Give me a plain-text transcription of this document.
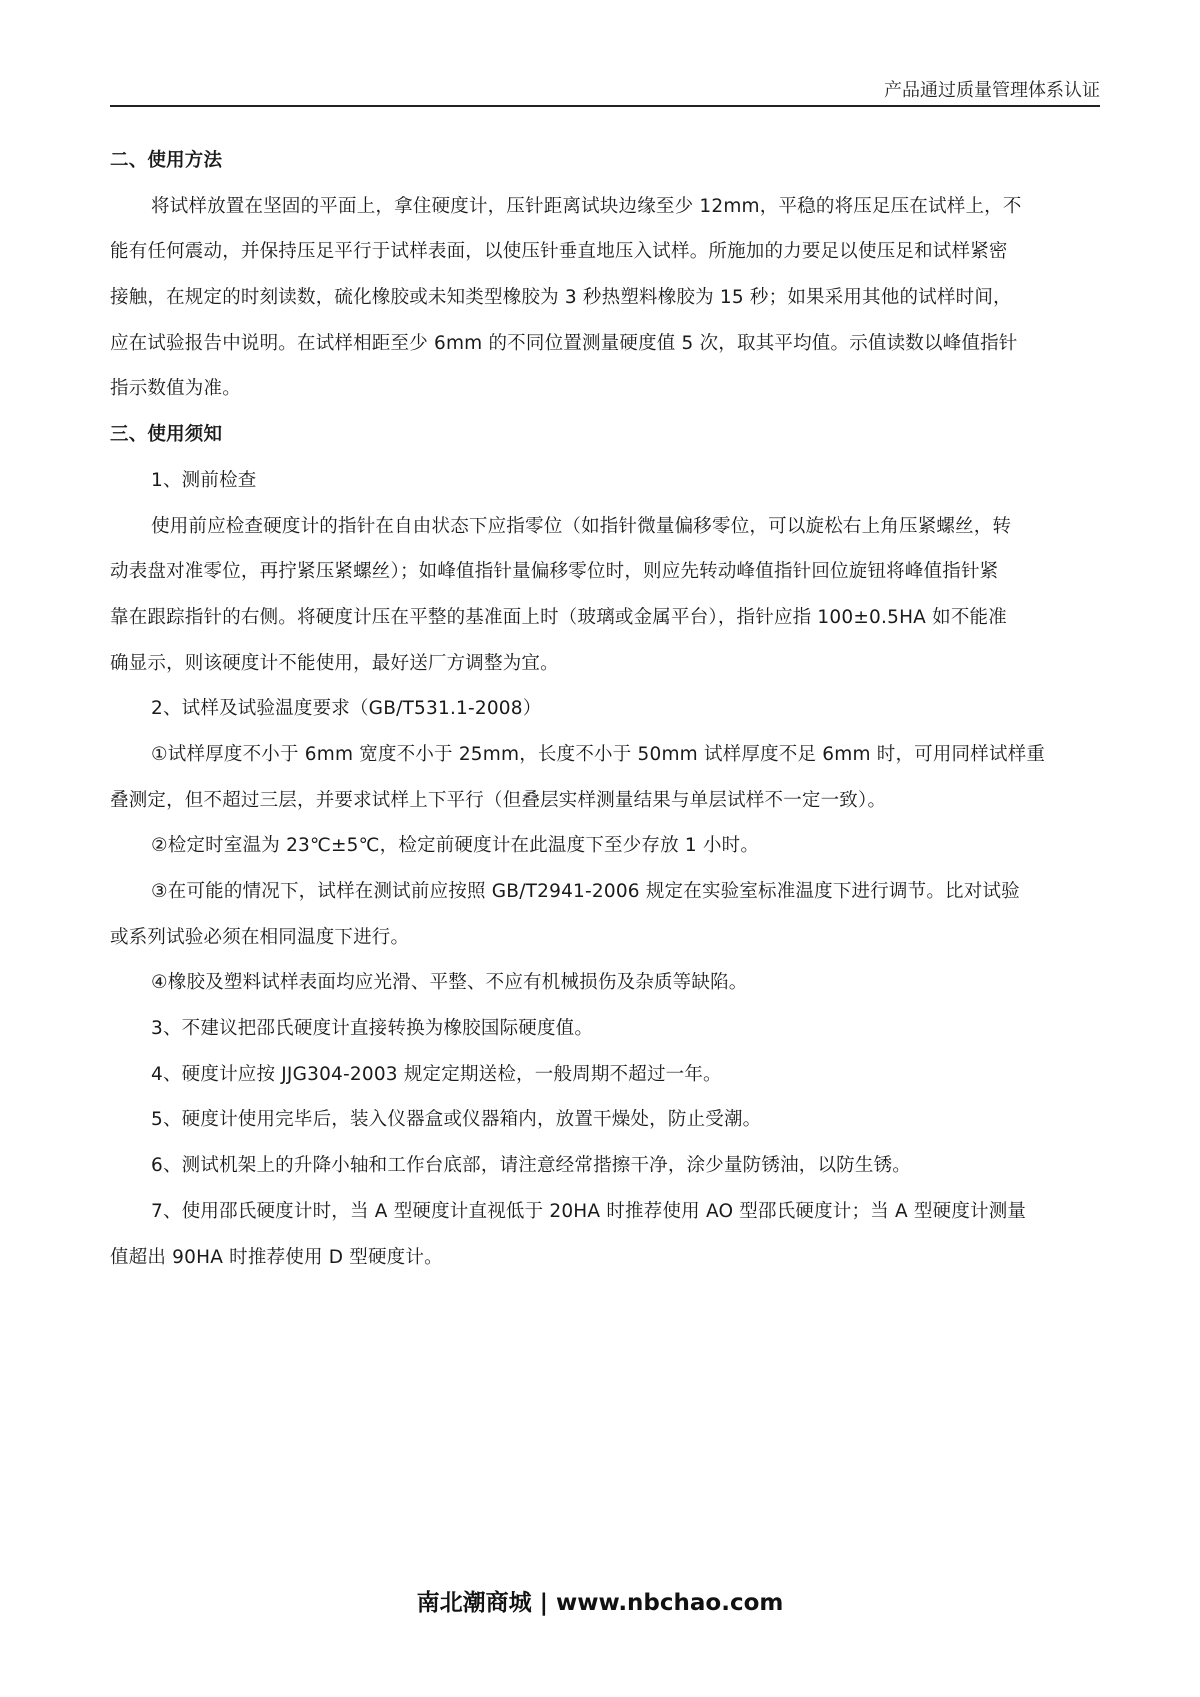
产品通过质量管理体系认证
二、使用方法
将试样放置在坚固的平面上，拿住硬度计，压针距离试块边缘至少 12mm，平稳的将压足压在试样上，不
能有任何震动，并保持压足平行于试样表面，以使压针垂直地压入试样。所施加的力要足以使压足和试样紧密
接触，在规定的时刻读数，硫化橡胶或未知类型橡胶为 3 秒热塑料橡胶为 15 秒；如果采用其他的试样时间，
应在试验报告中说明。在试样相距至少 6mm 的不同位置测量硬度值 5 次，取其平均值。示值读数以峰值指针
指示数值为准。
三、使用须知
1、测前检查
使用前应检查硬度计的指针在自由状态下应指零位（如指针微量偏移零位，可以旋松右上角压紧螺丝，转
动表盘对准零位，再拧紧压紧螺丝）；如峰值指针量偏移零位时，则应先转动峰值指针回位旋钮将峰值指针紧
靠在跟踪指针的右侧。将硬度计压在平整的基准面上时（玻璃或金属平台），指针应指 100±0.5HA 如不能准
确显示，则该硬度计不能使用，最好送厂方调整为宜。
2、试样及试验温度要求（GB/T531.1-2008）
①试样厚度不小于 6mm 宽度不小于 25mm，长度不小于 50mm 试样厚度不足 6mm 时，可用同样试样重
叠测定，但不超过三层，并要求试样上下平行（但叠层实样测量结果与单层试样不一定一致）。
②检定时室温为 23℃±5℃，检定前硬度计在此温度下至少存放 1 小时。
③在可能的情况下，试样在测试前应按照 GB/T2941-2006 规定在实验室标准温度下进行调节。比对试验
或系列试验必须在相同温度下进行。
④橡胶及塑料试样表面均应光滑、平整、不应有机械损伤及杂质等缺陷。
3、不建议把邵氏硬度计直接转换为橡胶国际硬度值。
4、硬度计应按 JJG304-2003 规定定期送检，一般周期不超过一年。
5、硬度计使用完毕后，装入仪器盒或仪器箱内，放置干燥处，防止受潮。
6、测试机架上的升降小轴和工作台底部，请注意经常揩擦干净，涂少量防锈油，以防生锈。
7、使用邵氏硬度计时，当 A 型硬度计直视低于 20HA 时推荐使用 AO 型邵氏硬度计；当 A 型硬度计测量
值超出 90HA 时推荐使用 D 型硬度计。
南北潮商城 | www.nbchao.com
